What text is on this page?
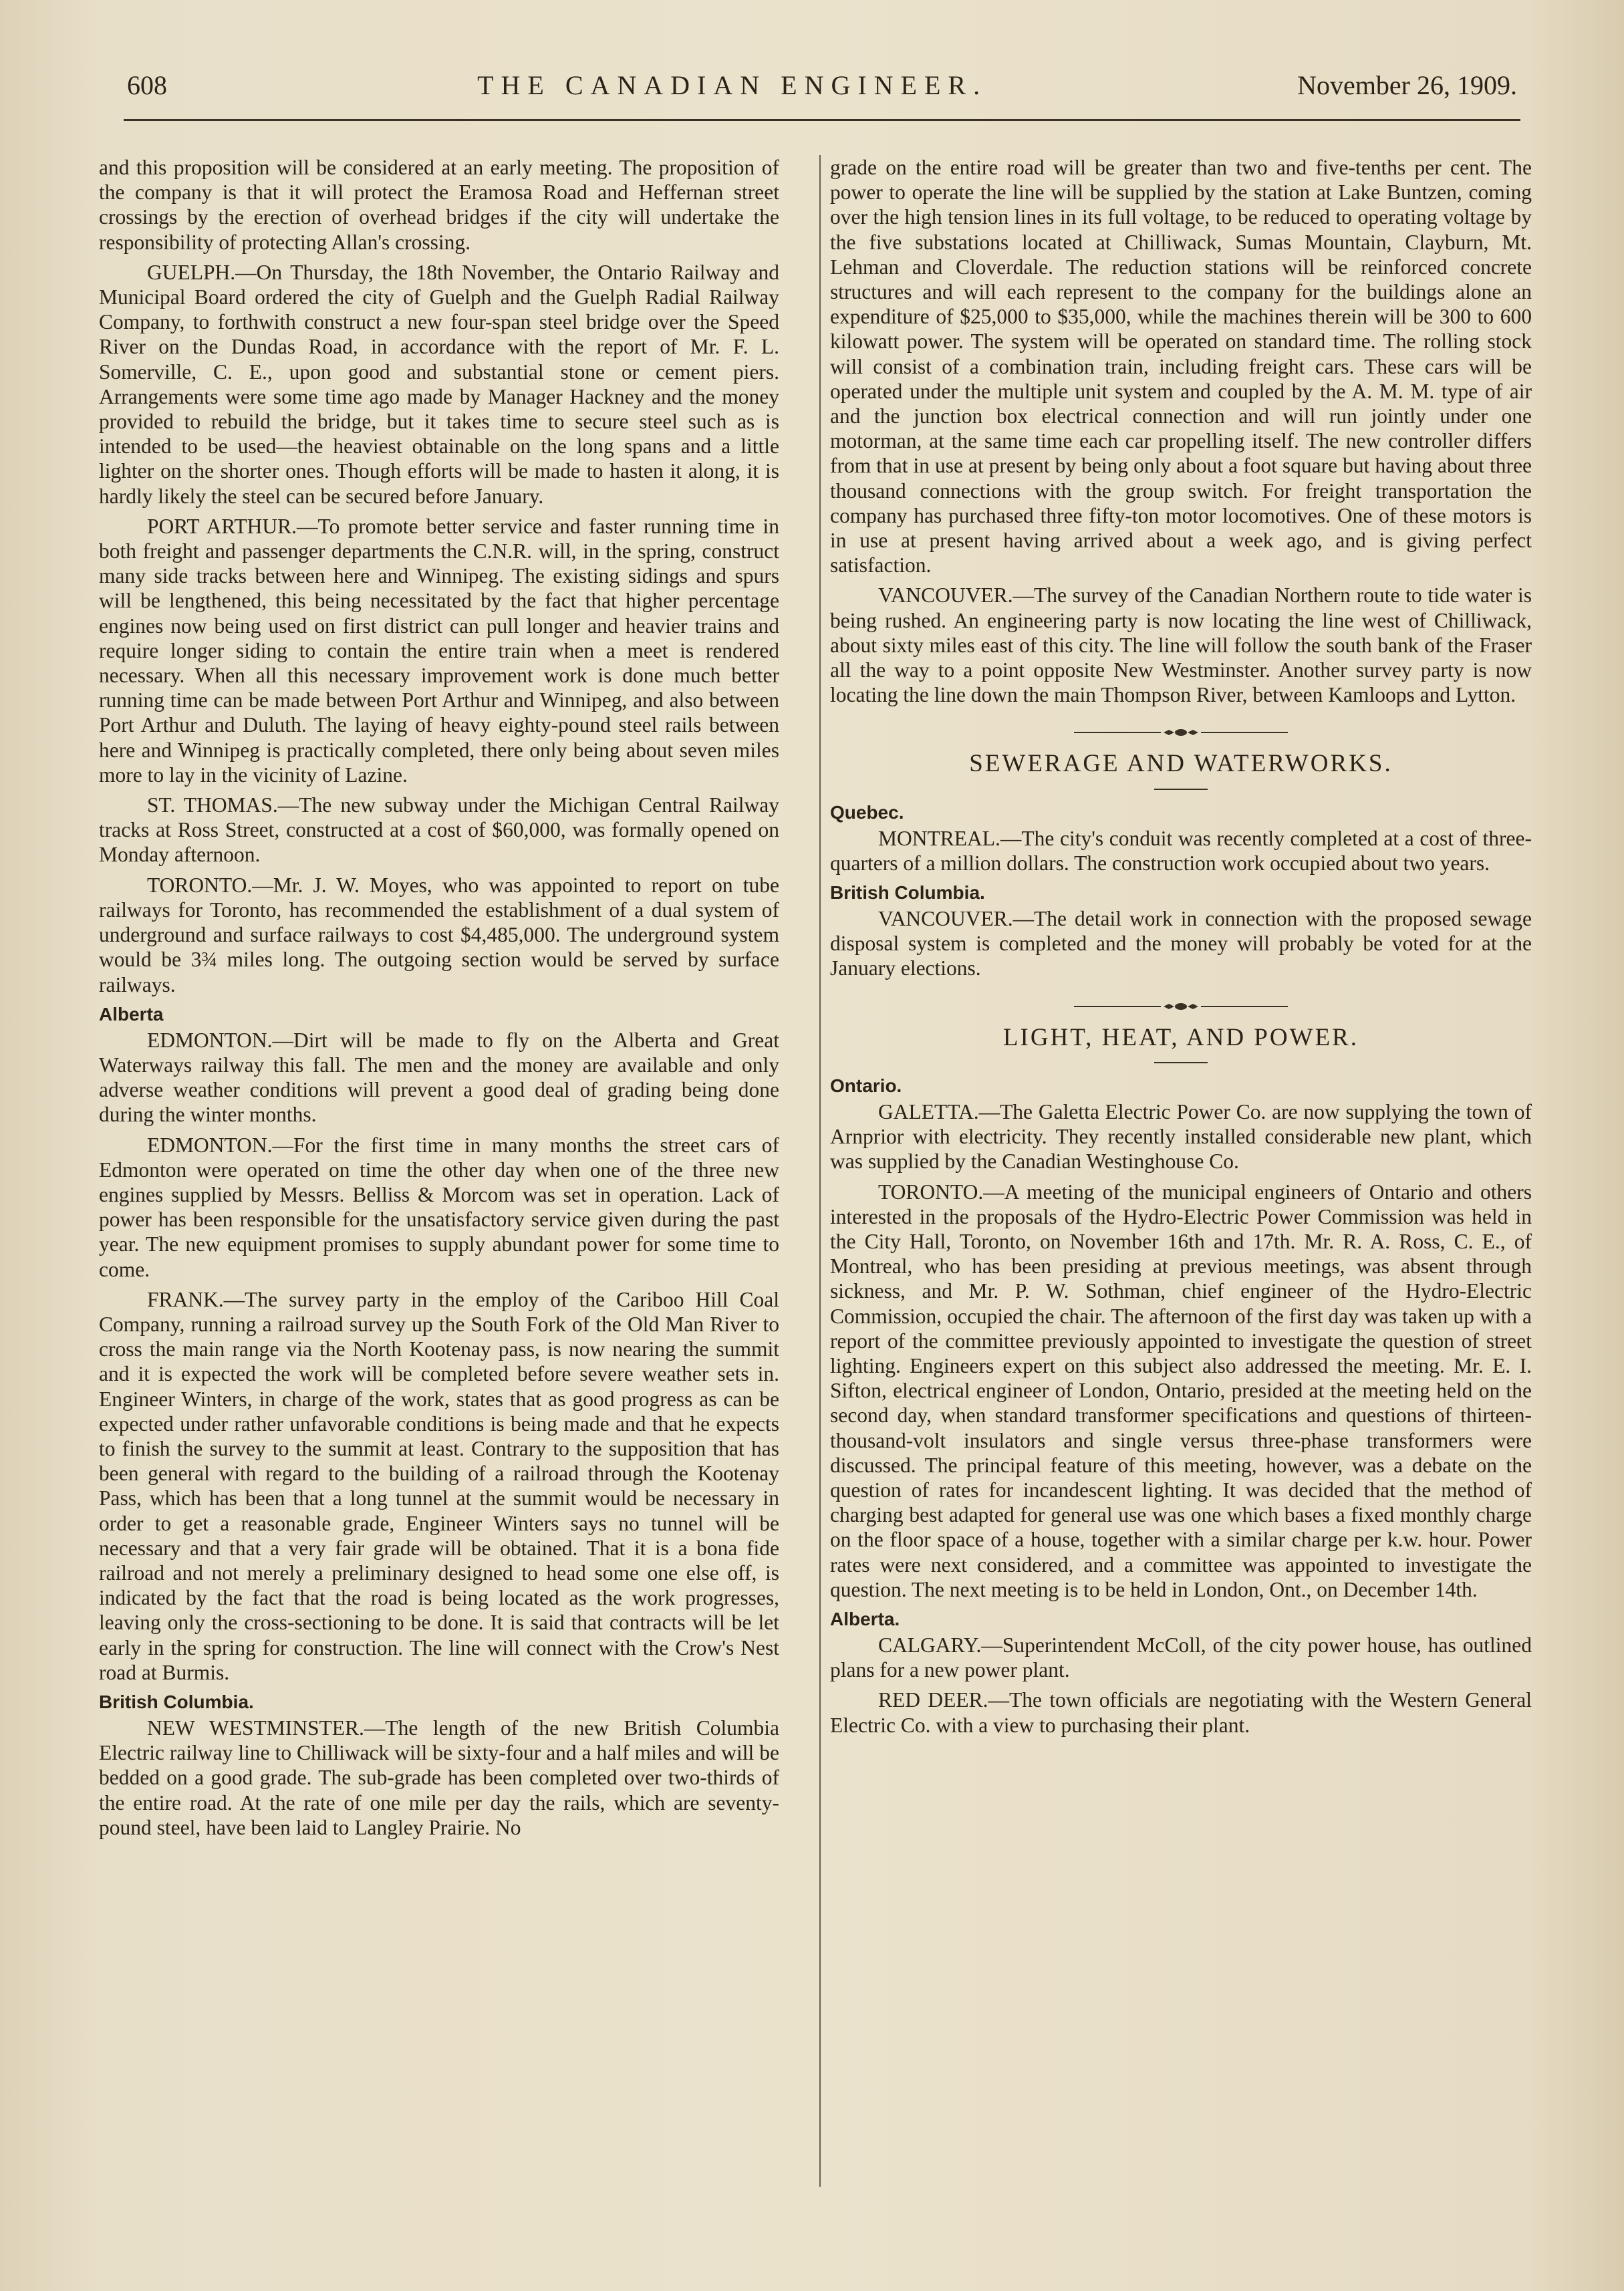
608	THE CANADIAN ENGINEER.	November 26, 1909.

and this proposition will be considered at an early meeting. The proposition of the company is that it will protect the Eramosa Road and Heffernan street crossings by the erection of overhead bridges if the city will undertake the responsibility of protecting Allan's crossing.

GUELPH.—On Thursday, the 18th November, the Ontario Railway and Municipal Board ordered the city of Guelph and the Guelph Radial Railway Company, to forthwith construct a new four-span steel bridge over the Speed River on the Dundas Road, in accordance with the report of Mr. F. L. Somerville, C. E., upon good and substantial stone or cement piers. Arrangements were some time ago made by Manager Hackney and the money provided to rebuild the bridge, but it takes time to secure steel such as is intended to be used—the heaviest obtainable on the long spans and a little lighter on the shorter ones. Though efforts will be made to hasten it along, it is hardly likely the steel can be secured before January.

PORT ARTHUR.—To promote better service and faster running time in both freight and passenger departments the C.N.R. will, in the spring, construct many side tracks between here and Winnipeg. The existing sidings and spurs will be lengthened, this being necessitated by the fact that higher percentage engines now being used on first district can pull longer and heavier trains and require longer siding to contain the entire train when a meet is rendered necessary. When all this necessary improvement work is done much better running time can be made between Port Arthur and Winnipeg, and also between Port Arthur and Duluth. The laying of heavy eighty-pound steel rails between here and Winnipeg is practically completed, there only being about seven miles more to lay in the vicinity of Lazine.

ST. THOMAS.—The new subway under the Michigan Central Railway tracks at Ross Street, constructed at a cost of $60,000, was formally opened on Monday afternoon.

TORONTO.—Mr. J. W. Moyes, who was appointed to report on tube railways for Toronto, has recommended the establishment of a dual system of underground and surface railways to cost $4,485,000. The underground system would be 3¾ miles long. The outgoing section would be served by surface railways.

Alberta

EDMONTON.—Dirt will be made to fly on the Alberta and Great Waterways railway this fall. The men and the money are available and only adverse weather conditions will prevent a good deal of grading being done during the winter months.

EDMONTON.—For the first time in many months the street cars of Edmonton were operated on time the other day when one of the three new engines supplied by Messrs. Belliss & Morcom was set in operation. Lack of power has been responsible for the unsatisfactory service given during the past year. The new equipment promises to supply abundant power for some time to come.

FRANK.—The survey party in the employ of the Cariboo Hill Coal Company, running a railroad survey up the South Fork of the Old Man River to cross the main range via the North Kootenay pass, is now nearing the summit and it is expected the work will be completed before severe weather sets in. Engineer Winters, in charge of the work, states that as good progress as can be expected under rather unfavorable conditions is being made and that he expects to finish the survey to the summit at least. Contrary to the supposition that has been general with regard to the building of a railroad through the Kootenay Pass, which has been that a long tunnel at the summit would be necessary in order to get a reasonable grade, Engineer Winters says no tunnel will be necessary and that a very fair grade will be obtained. That it is a bona fide railroad and not merely a preliminary designed to head some one else off, is indicated by the fact that the road is being located as the work progresses, leaving only the cross-sectioning to be done. It is said that contracts will be let early in the spring for construction. The line will connect with the Crow's Nest road at Burmis.

British Columbia.

NEW WESTMINSTER.—The length of the new British Columbia Electric railway line to Chilliwack will be sixty-four and a half miles and will be bedded on a good grade. The sub-grade has been completed over two-thirds of the entire road. At the rate of one mile per day the rails, which are seventy-pound steel, have been laid to Langley Prairie. No

grade on the entire road will be greater than two and five-tenths per cent. The power to operate the line will be supplied by the station at Lake Buntzen, coming over the high tension lines in its full voltage, to be reduced to operating voltage by the five substations located at Chilliwack, Sumas Mountain, Clayburn, Mt. Lehman and Cloverdale. The reduction stations will be reinforced concrete structures and will each represent to the company for the buildings alone an expenditure of $25,000 to $35,000, while the machines therein will be 300 to 600 kilowatt power. The system will be operated on standard time. The rolling stock will consist of a combination train, including freight cars. These cars will be operated under the multiple unit system and coupled by the A. M. M. type of air and the junction box electrical connection and will run jointly under one motorman, at the same time each car propelling itself. The new controller differs from that in use at present by being only about a foot square but having about three thousand connections with the group switch. For freight transportation the company has purchased three fifty-ton motor locomotives. One of these motors is in use at present having arrived about a week ago, and is giving perfect satisfaction.

VANCOUVER.—The survey of the Canadian Northern route to tide water is being rushed. An engineering party is now locating the line west of Chilliwack, about sixty miles east of this city. The line will follow the south bank of the Fraser all the way to a point opposite New Westminster. Another survey party is now locating the line down the main Thompson River, between Kamloops and Lytton.

SEWERAGE AND WATERWORKS.
Quebec.

MONTREAL.—The city's conduit was recently completed at a cost of three-quarters of a million dollars. The construction work occupied about two years.

British Columbia.

VANCOUVER.—The detail work in connection with the proposed sewage disposal system is completed and the money will probably be voted for at the January elections.

LIGHT, HEAT, AND POWER.
Ontario.

GALETTA.—The Galetta Electric Power Co. are now supplying the town of Arnprior with electricity. They recently installed considerable new plant, which was supplied by the Canadian Westinghouse Co.

TORONTO.—A meeting of the municipal engineers of Ontario and others interested in the proposals of the Hydro-Electric Power Commission was held in the City Hall, Toronto, on November 16th and 17th. Mr. R. A. Ross, C. E., of Montreal, who has been presiding at previous meetings, was absent through sickness, and Mr. P. W. Sothman, chief engineer of the Hydro-Electric Commission, occupied the chair. The afternoon of the first day was taken up with a report of the committee previously appointed to investigate the question of street lighting. Engineers expert on this subject also addressed the meeting. Mr. E. I. Sifton, electrical engineer of London, Ontario, presided at the meeting held on the second day, when standard transformer specifications and questions of thirteen-thousand-volt insulators and single versus three-phase transformers were discussed. The principal feature of this meeting, however, was a debate on the question of rates for incandescent lighting. It was decided that the method of charging best adapted for general use was one which bases a fixed monthly charge on the floor space of a house, together with a similar charge per k.w. hour. Power rates were next considered, and a committee was appointed to investigate the question. The next meeting is to be held in London, Ont., on December 14th.

Alberta.

CALGARY.—Superintendent McColl, of the city power house, has outlined plans for a new power plant.

RED DEER.—The town officials are negotiating with the Western General Electric Co. with a view to purchasing their plant.
